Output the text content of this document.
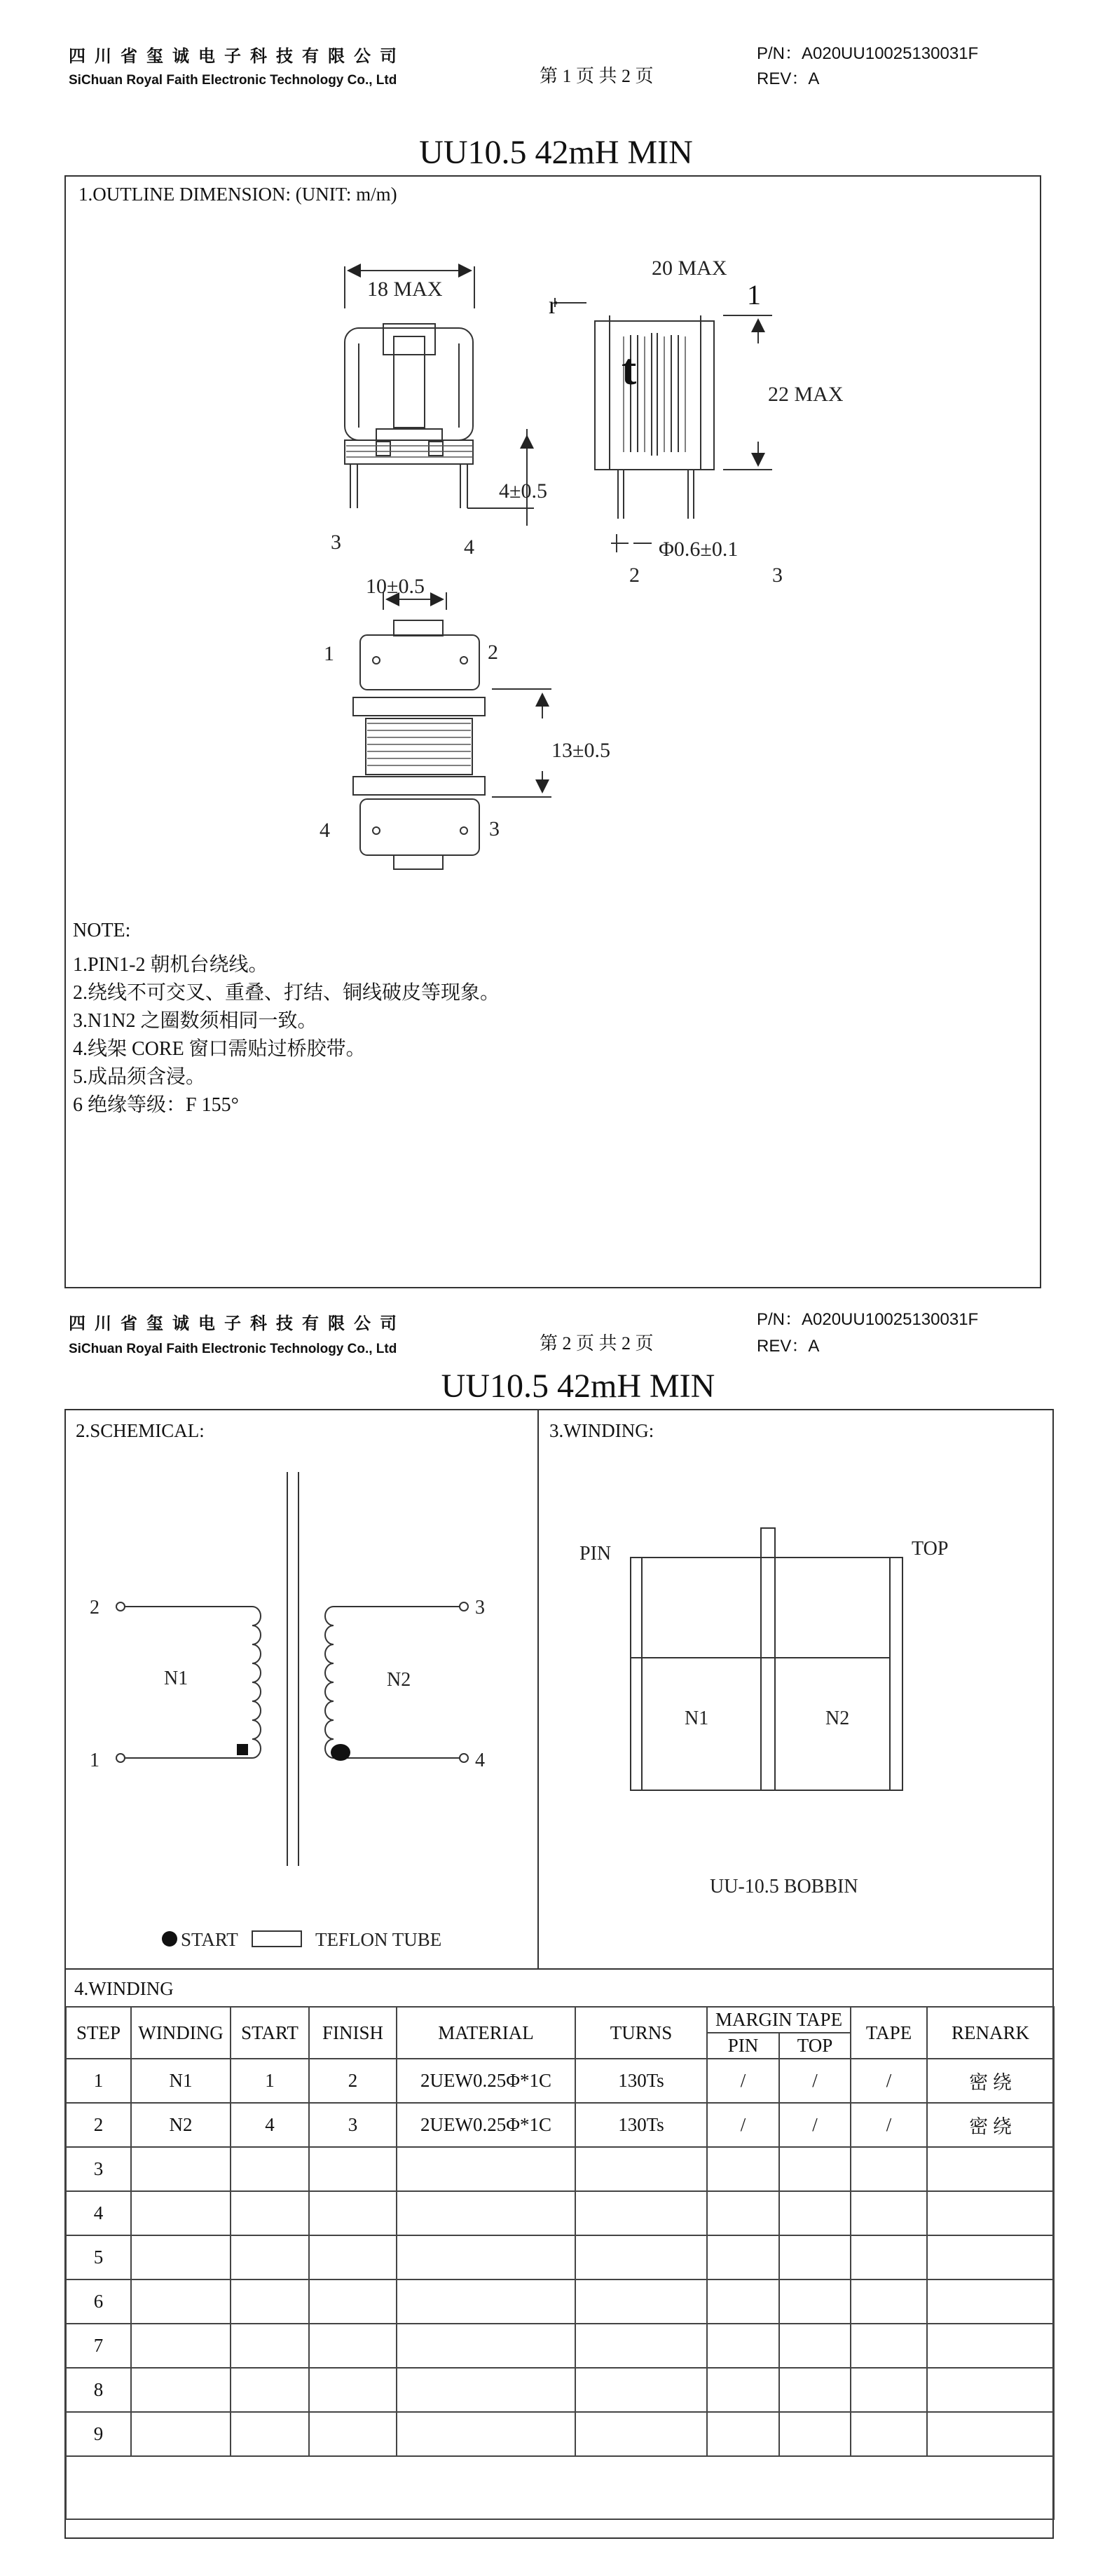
四川省玺诚电子科技有限公司
SiChuan Royal Faith Electronic Technology Co., Ltd	第 1 页 共 2 页
P/N：A020UU10025130031F
REV：A
UU10.5 42mH MIN
1.OUTLINE DIMENSION: (UNIT: m/m)
18 MAX
4±0.5
3	4
20 MAX
22 MAX
Φ0.6±0.1
2	3
r	1
t
10±0.5
13±0.5
1	2
4	3
NOTE:
1.PIN1-2 朝机台绕线。
2.绕线不可交叉、重叠、打结、铜线破皮等现象。
3.N1N2 之圈数须相同一致。
4.线架 CORE 窗口需贴过桥胶带。
5.成品须含浸。
6 绝缘等级：F 155°
四川省玺诚电子科技有限公司
SiChuan Royal Faith Electronic Technology Co., Ltd	第 2 页 共 2 页
P/N：A020UU10025130031F
REV：A
UU10.5 42mH MIN
2.SCHEMICAL:	3.WINDING:
2
1
3
4
N1	N2
START	TEFLON TUBE
PIN	TOP
N1	N2
UU-10.5 BOBBIN
4.WINDING
STEP	WINDING	START	FINISH	MATERIAL	TURNS	MARGIN TAPE		TAPE	RENARK
						PIN	TOP		
1	N1	1	2	2UEW0.25Φ*1C	130Ts	/	/	/	密 绕
2	N2	4	3	2UEW0.25Φ*1C	130Ts	/	/	/	密 绕
3									
4									
5									
6									
7									
8									
9									
